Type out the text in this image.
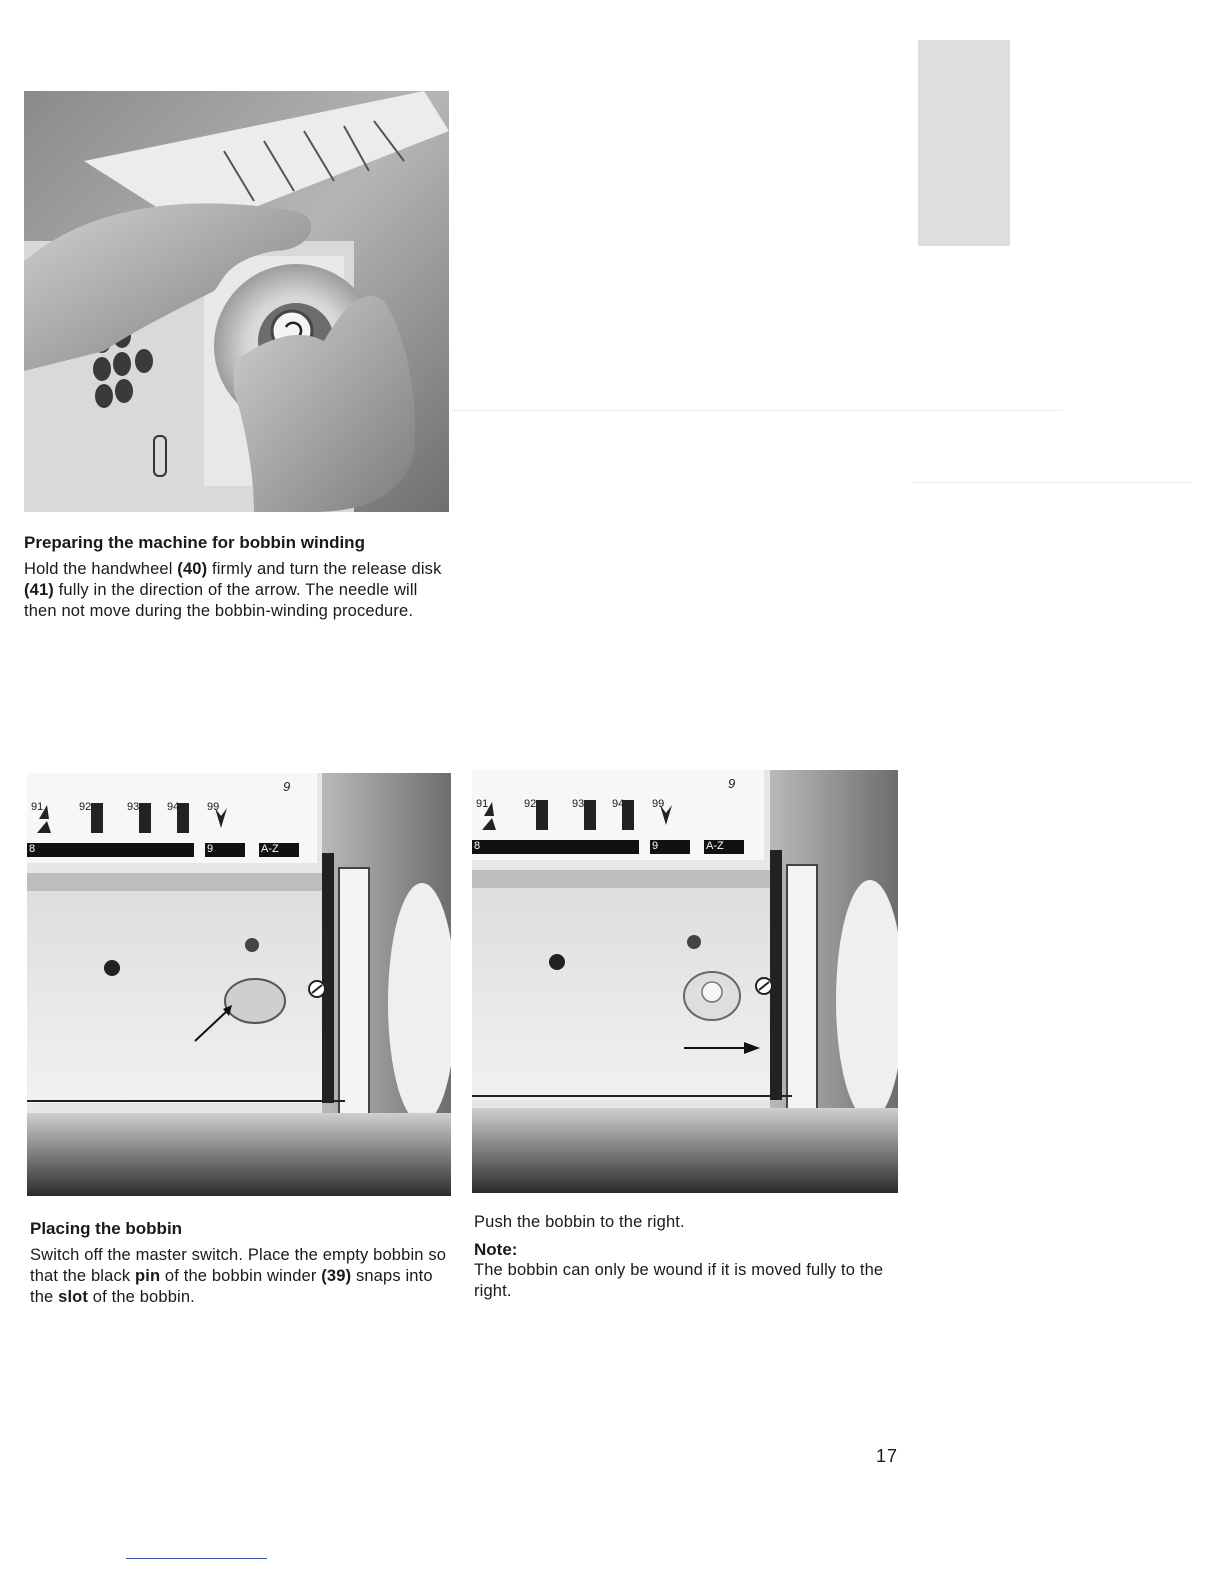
Preparing the machine for bobbin winding

Hold the handwheel (40) firmly and turn the release disk (41) fully in the direction of the arrow. The needle will then not move during the bobbin-winding procedure.

91	92	93	94	99
8	9	A-Z
9
91	92	93	94	99
8	9	A-Z
9
Placing the bobbin

Switch off the master switch. Place the empty bobbin so that the black pin of the bobbin winder (39) snaps into the slot of the bobbin.

Push the bobbin to the right.

Note:

The bobbin can only be wound if it is moved fully to the right.

17
